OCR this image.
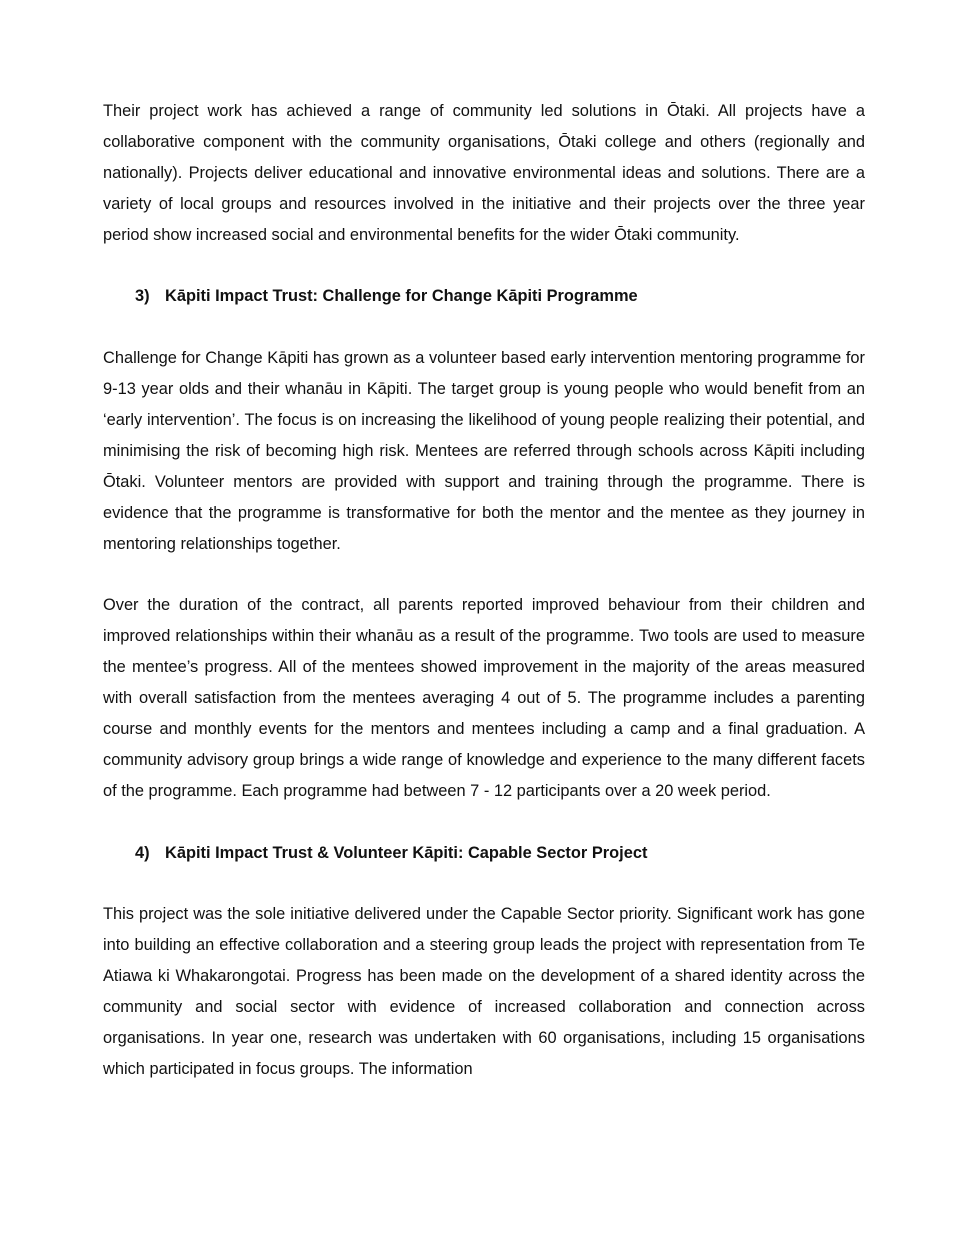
Their project work has achieved a range of community led solutions in Ōtaki. All projects have a collaborative component with the community organisations, Ōtaki college and others (regionally and nationally). Projects deliver educational and innovative environmental ideas and solutions. There are a variety of local groups and resources involved in the initiative and their projects over the three year period show increased social and environmental benefits for the wider Ōtaki community.

3) Kāpiti Impact Trust: Challenge for Change Kāpiti Programme

Challenge for Change Kāpiti has grown as a volunteer based early intervention mentoring programme for 9-13 year olds and their whanāu in Kāpiti. The target group is young people who would benefit from an ‘early intervention’. The focus is on increasing the likelihood of young people realizing their potential, and minimising the risk of becoming high risk. Mentees are referred through schools across Kāpiti including Ōtaki. Volunteer mentors are provided with support and training through the programme. There is evidence that the programme is transformative for both the mentor and the mentee as they journey in mentoring relationships together.

Over the duration of the contract, all parents reported improved behaviour from their children and improved relationships within their whanāu as a result of the programme. Two tools are used to measure the mentee’s progress. All of the mentees showed improvement in the majority of the areas measured with overall satisfaction from the mentees averaging 4 out of 5. The programme includes a parenting course and monthly events for the mentors and mentees including a camp and a final graduation. A community advisory group brings a wide range of knowledge and experience to the many different facets of the programme. Each programme had between 7 - 12 participants over a 20 week period.

4) Kāpiti Impact Trust & Volunteer Kāpiti: Capable Sector Project

This project was the sole initiative delivered under the Capable Sector priority. Significant work has gone into building an effective collaboration and a steering group leads the project with representation from Te Atiawa ki Whakarongotai. Progress has been made on the development of a shared identity across the community and social sector with evidence of increased collaboration and connection across organisations. In year one, research was undertaken with 60 organisations, including 15 organisations which participated in focus groups. The information
